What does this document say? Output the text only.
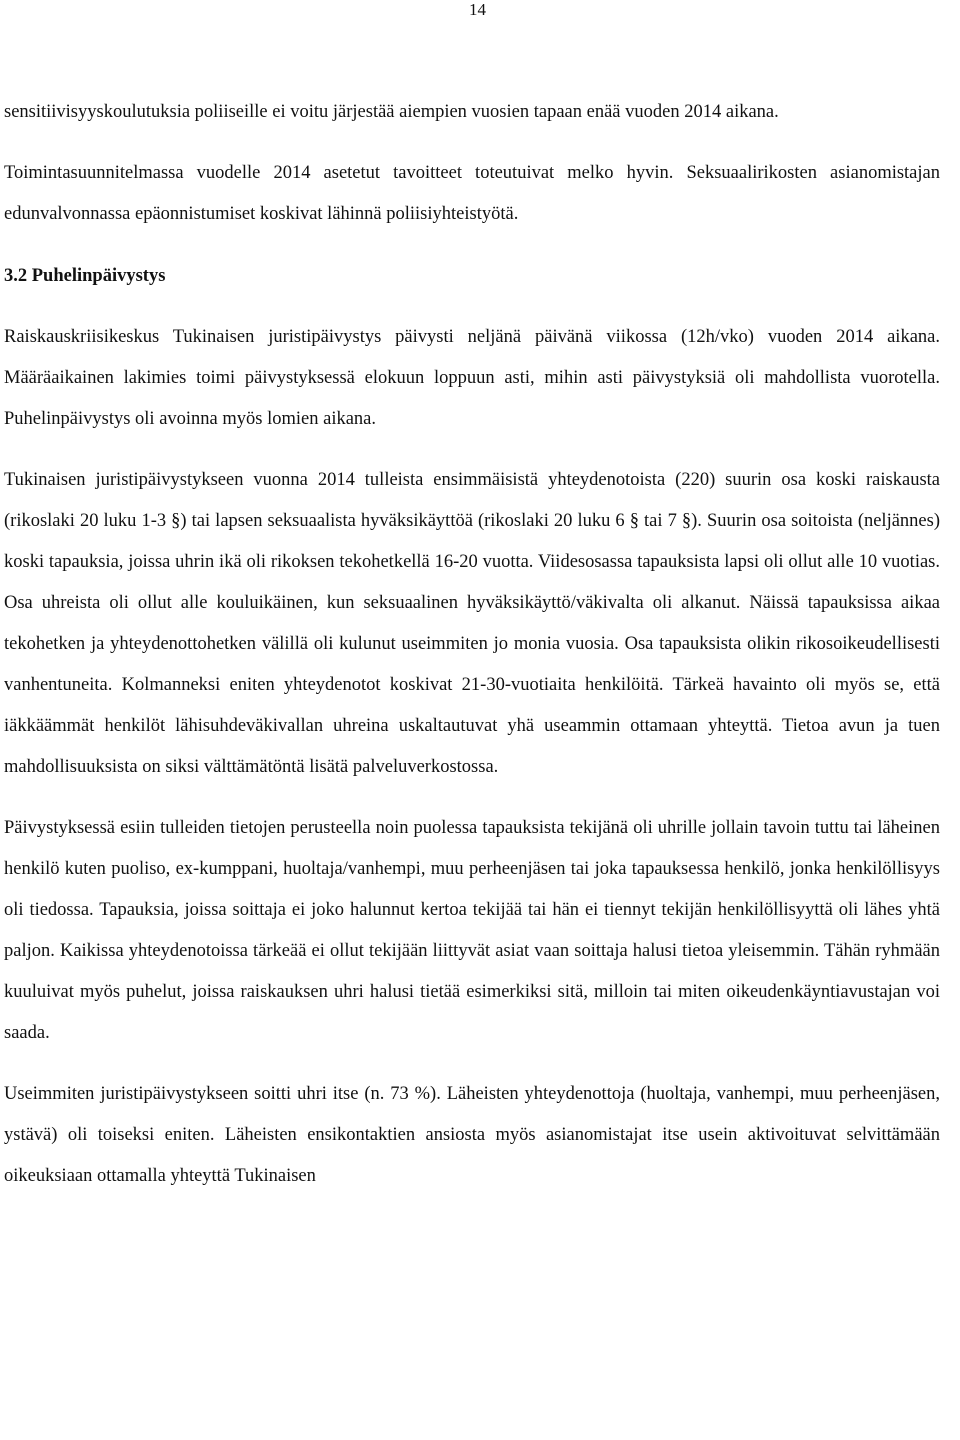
14

sensitiivisyyskoulutuksia poliiseille ei voitu järjestää aiempien vuosien tapaan enää vuoden 2014 aikana.

Toimintasuunnitelmassa vuodelle 2014 asetetut tavoitteet toteutuivat melko hyvin. Seksuaalirikosten asianomistajan edunvalvonnassa epäonnistumiset koskivat lähinnä poliisiyhteistyötä.

3.2 Puhelinpäivystys

Raiskauskriisikeskus Tukinaisen juristipäivystys päivysti neljänä päivänä viikossa (12h/vko) vuoden 2014 aikana. Määräaikainen lakimies toimi päivystyksessä elokuun loppuun asti, mihin asti päivystyksiä oli mahdollista vuorotella. Puhelinpäivystys oli avoinna myös lomien aikana.

Tukinaisen juristipäivystykseen vuonna 2014 tulleista ensimmäisistä yhteydenotoista (220) suurin osa koski raiskausta (rikoslaki 20 luku 1-3 §) tai lapsen seksuaalista hyväksikäyttöä (rikoslaki 20 luku 6 § tai 7 §). Suurin osa soitoista (neljännes) koski tapauksia, joissa uhrin ikä oli rikoksen tekohetkellä 16-20 vuotta. Viidesosassa tapauksista lapsi oli ollut alle 10 vuotias. Osa uhreista oli ollut alle kouluikäinen, kun seksuaalinen hyväksikäyttö/väkivalta oli alkanut. Näissä tapauksissa aikaa tekohetken ja yhteydenottohetken välillä oli kulunut useimmiten jo monia vuosia. Osa tapauksista olikin rikosoikeudellisesti vanhentuneita. Kolmanneksi eniten yhteydenotot koskivat 21-30-vuotiaita henkilöitä. Tärkeä havainto oli myös se, että iäkkäämmät henkilöt lähisuhdeväkivallan uhreina uskaltautuvat yhä useammin ottamaan yhteyttä. Tietoa avun ja tuen mahdollisuuksista on siksi välttämätöntä lisätä palveluverkostossa.

Päivystyksessä esiin tulleiden tietojen perusteella noin puolessa tapauksista tekijänä oli uhrille jollain tavoin tuttu tai läheinen henkilö kuten puoliso, ex-kumppani, huoltaja/vanhempi, muu perheenjäsen tai joka tapauksessa henkilö, jonka henkilöllisyys oli tiedossa. Tapauksia, joissa soittaja ei joko halunnut kertoa tekijää tai hän ei tiennyt tekijän henkilöllisyyttä oli lähes yhtä paljon. Kaikissa yhteydenotoissa tärkeää ei ollut tekijään liittyvät asiat vaan soittaja halusi tietoa yleisemmin. Tähän ryhmään kuuluivat myös puhelut, joissa raiskauksen uhri halusi tietää esimerkiksi sitä, milloin tai miten oikeudenkäyntiavustajan voi saada.

Useimmiten juristipäivystykseen soitti uhri itse (n. 73 %). Läheisten yhteydenottoja (huoltaja, vanhempi, muu perheenjäsen, ystävä) oli toiseksi eniten. Läheisten ensikontaktien ansiosta myös asianomistajat itse usein aktivoituvat selvittämään oikeuksiaan ottamalla yhteyttä Tukinaisen
